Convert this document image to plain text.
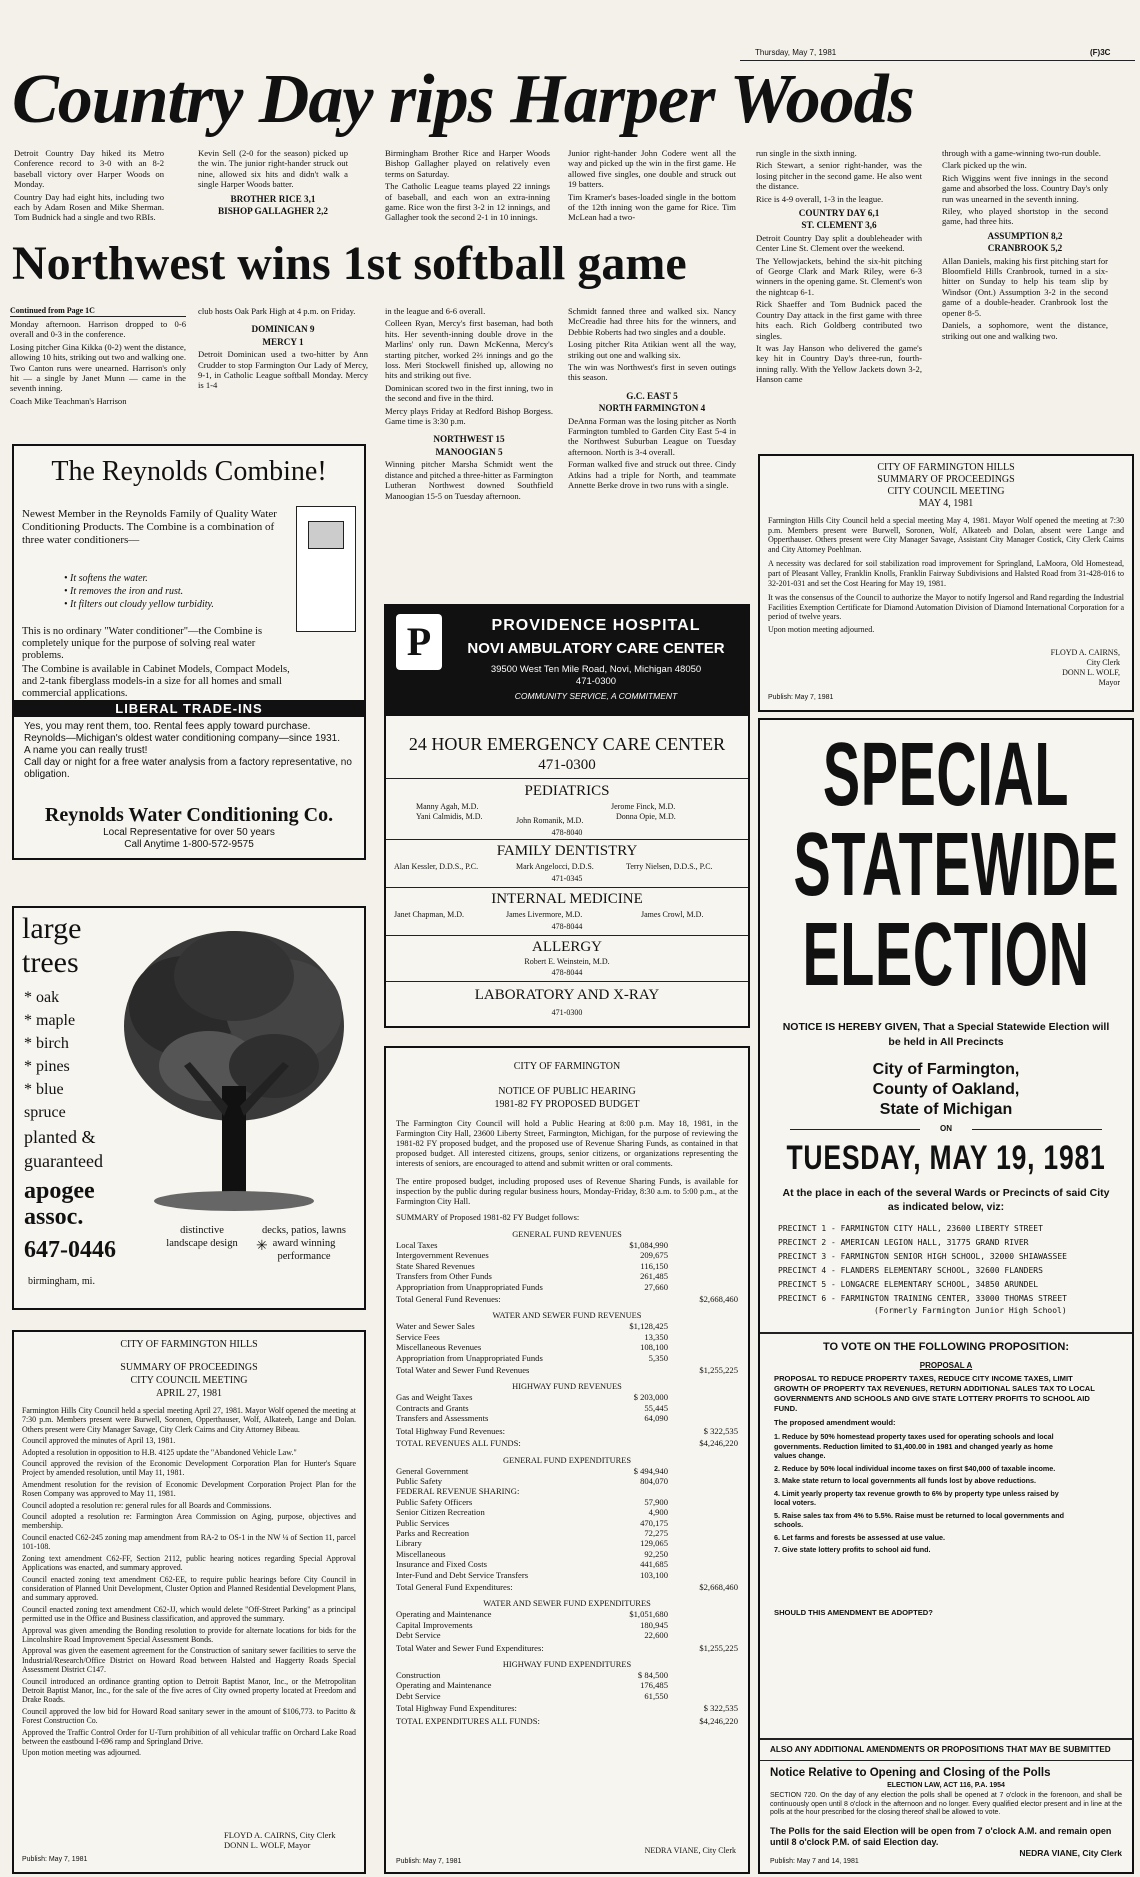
Thursday, May 7, 1981	(F)3C
Country Day rips Harper Woods

Detroit Country Day hiked its Metro Conference record to 3-0 with an 8-2 baseball victory over Harper Woods on Monday.

Country Day had eight hits, including two each by Adam Rosen and Mike Sherman. Tom Budnick had a single and two RBIs.

Kevin Sell (2-0 for the season) picked up the win. The junior right-hander struck out nine, allowed six hits and didn't walk a single Harper Woods batter.

BROTHER RICE 3,1
BISHOP GALLAGHER 2,2

Birmingham Brother Rice and Harper Woods Bishop Gallagher played on relatively even terms on Saturday.

The Catholic League teams played 22 innings of baseball, and each won an extra-inning game. Rice won the first 3-2 in 12 innings, and Gallagher took the second 2-1 in 10 innings.

Junior right-hander John Codere went all the way and picked up the win in the first game. He allowed five singles, one double and struck out 19 batters.

Tim Kramer's bases-loaded single in the bottom of the 12th inning won the game for Rice. Tim McLean had a two-

run single in the sixth inning.

Rich Stewart, a senior right-hander, was the losing pitcher in the second game. He also went the distance.

Rice is 4-9 overall, 1-3 in the league.

COUNTRY DAY 6,1
ST. CLEMENT 3,6

Detroit Country Day split a doubleheader with Center Line St. Clement over the weekend.

The Yellowjackets, behind the six-hit pitching of George Clark and Mark Riley, were 6-3 winners in the opening game. St. Clement's won the nightcap 6-1.

Rick Shaeffer and Tom Budnick paced the Country Day attack in the first game with three hits each. Rich Goldberg contributed two singles.

It was Jay Hanson who delivered the game's key hit in Country Day's three-run, fourth-inning rally. With the Yellow Jackets down 3-2, Hanson came

through with a game-winning two-run double.

Clark picked up the win.

Rich Wiggins went five innings in the second game and absorbed the loss. Country Day's only run was unearned in the seventh inning.

Riley, who played shortstop in the second game, had three hits.

ASSUMPTION 8,2
CRANBROOK 5,2

Allan Daniels, making his first pitching start for Bloomfield Hills Cranbrook, turned in a six-hitter on Sunday to help his team slip by Windsor (Ont.) Assumption 3-2 in the second game of a double-header. Cranbrook lost the opener 8-5.

Daniels, a sophomore, went the distance, striking out one and walking two.

Northwest wins 1st softball game
Continued from Page 1C

Monday afternoon. Harrison dropped to 0-6 overall and 0-3 in the conference.

Losing pitcher Gina Kikka (0-2) went the distance, allowing 10 hits, striking out two and walking one. Two Canton runs were unearned. Harrison's only hit — a single by Janet Munn — came in the seventh inning.

Coach Mike Teachman's Harrison

club hosts Oak Park High at 4 p.m. on Friday.

DOMINICAN 9
MERCY 1

Detroit Dominican used a two-hitter by Ann Crudder to stop Farmington Our Lady of Mercy, 9-1, in Catholic League softball Monday. Mercy is 1-4

in the league and 6-6 overall.

Colleen Ryan, Mercy's first baseman, had both hits. Her seventh-inning double drove in the Marlins' only run. Dawn McKenna, Mercy's starting pitcher, worked 2⅔ innings and go the loss. Meri Stockwell finished up, allowing no hits and striking out five.

Dominican scored two in the first inning, two in the second and five in the third.

Mercy plays Friday at Redford Bishop Borgess. Game time is 3:30 p.m.

NORTHWEST 15
MANOOGIAN 5

Winning pitcher Marsha Schmidt went the distance and pitched a three-hitter as Farmington Lutheran Northwest downed Southfield Manoogian 15-5 on Tuesday afternoon.

Schmidt fanned three and walked six. Nancy McCreadie had three hits for the winners, and Debbie Roberts had two singles and a double.

Losing pitcher Rita Atikian went all the way, striking out one and walking six.

The win was Northwest's first in seven outings this season.

G.C. EAST 5
NORTH FARMINGTON 4

DeAnna Forman was the losing pitcher as North Farmington tumbled to Garden City East 5-4 in the Northwest Suburban League on Tuesday afternoon. North is 3-4 overall.

Forman walked five and struck out three. Cindy Atkins had a triple for North, and teammate Annette Berke drove in two runs with a single.

The Reynolds Combine!
Newest Member in the Reynolds Family of Quality Water Conditioning Products. The Combine is a combination of three water conditioners—
• It softens the water.
• It removes the iron and rust.
• It filters out cloudy yellow turbidity.
This is no ordinary "Water conditioner"—the Combine is completely unique for the purpose of solving real water problems.
The Combine is available in Cabinet Models, Compact Models, and 2-tank fiberglass models-in a size for all homes and small commercial applications.
LIBERAL TRADE-INS
Yes, you may rent them, too. Rental fees apply toward purchase.
Reynolds—Michigan's oldest water conditioning company—since 1931.
A name you can really trust!
Call day or night for a free water analysis from a factory representative, no obligation.
Reynolds Water Conditioning Co.
Local Representative for over 50 years
Call Anytime 1-800-572-9575
large
trees
* oak
* maple
* birch
* pines
* blue spruce
planted &
guaranteed
apogee
assoc.
647-0446
birmingham, mi.
distinctive landscape design
decks, patios, lawns award winning performance
✳
CITY OF FARMINGTON HILLS
SUMMARY OF PROCEEDINGS
CITY COUNCIL MEETING
APRIL 27, 1981

Farmington Hills City Council held a special meeting April 27, 1981. Mayor Wolf opened the meeting at 7:30 p.m. Members present were Burwell, Soronen, Opperthauser, Wolf, Alkateeb, Lange and Dolan. Others present were City Manager Savage, City Clerk Cairns and City Attorney Bibeau.

Council approved the minutes of April 13, 1981.

Adopted a resolution in opposition to H.B. 4125 update the "Abandoned Vehicle Law."

Council approved the revision of the Economic Development Corporation Plan for Hunter's Square Project by amended resolution, until May 11, 1981.

Amendment resolution for the revision of Economic Development Corporation Project Plan for the Rosen Company was approved to May 11, 1981.

Council adopted a resolution re: general rules for all Boards and Commissions.

Council adopted a resolution re: Farmington Area Commission on Aging, purpose, objectives and membership.

Council enacted C62-245 zoning map amendment from RA-2 to OS-1 in the NW ¼ of Section 11, parcel 101-108.

Zoning text amendment C62-FF, Section 2112, public hearing notices regarding Special Approval Applications was enacted, and summary approved.

Council enacted zoning text amendment C62-EE, to require public hearings before City Council in consideration of Planned Unit Development, Cluster Option and Planned Residential Development Plans, and summary approved.

Council enacted zoning text amendment C62-JJ, which would delete "Off-Street Parking" as a principal permitted use in the Office and Business classification, and approved the summary.

Approval was given amending the Bonding resolution to provide for alternate locations for bids for the Lincolnshire Road Improvement Special Assessment Bonds.

Approval was given the easement agreement for the Construction of sanitary sewer facilities to serve the Industrial/Research/Office District on Howard Road between Halsted and Haggerty Roads Special Assessment District C147.

Council introduced an ordinance granting option to Detroit Baptist Manor, Inc., or the Metropolitan Detroit Baptist Manor, Inc., for the sale of the five acres of City owned property located at Freedom and Drake Roads.

Council approved the low bid for Howard Road sanitary sewer in the amount of $106,773. to Pacitto & Forest Construction Co.

Approved the Traffic Control Order for U-Turn prohibition of all vehicular traffic on Orchard Lake Road between the eastbound I-696 ramp and Springland Drive.

Upon motion meeting was adjourned.

FLOYD A. CAIRNS, City Clerk
DONN L. WOLF, Mayor
Publish: May 7, 1981
P	PROVIDENCE HOSPITAL
NOVI AMBULATORY CARE CENTER
39500 West Ten Mile Road, Novi, Michigan 48050
471-0300
COMMUNITY SERVICE, A COMMITMENT
24 HOUR EMERGENCY CARE CENTER
471-0300
PEDIATRICS
Manny Agah, M.D.	Jerome Finck, M.D.
Yani Calmidis, M.D.	John Romanik, M.D.	Donna Opie, M.D.
478-8040
FAMILY DENTISTRY
Alan Kessler, D.D.S., P.C.	Mark Angelocci, D.D.S.	Terry Nielsen, D.D.S., P.C.
471-0345
INTERNAL MEDICINE
Janet Chapman, M.D.	James Livermore, M.D.	James Crowl, M.D.
478-8044
ALLERGY
Robert E. Weinstein, M.D.
478-8044
LABORATORY AND X-RAY
471-0300
CITY OF FARMINGTON
NOTICE OF PUBLIC HEARING
1981-82 FY PROPOSED BUDGET

The Farmington City Council will hold a Public Hearing at 8:00 p.m. May 18, 1981, in the Farmington City Hall, 23600 Liberty Street, Farmington, Michigan, for the purpose of reviewing the 1981-82 FY proposed budget, and the proposed use of Revenue Sharing Funds, as contained in that proposed budget. All interested citizens, groups, senior citizens, or organizations representing the interests of seniors, are encouraged to attend and submit written or oral comments.

The entire proposed budget, including proposed uses of Revenue Sharing Funds, is available for inspection by the public during regular business hours, Monday-Friday, 8:30 a.m. to 5:00 p.m., at the Farmington City Hall.

SUMMARY of Proposed 1981-82 FY Budget follows:

GENERAL FUND REVENUES
Local Taxes	$1,084,990	
Intergovernment Revenues	209,675	
State Shared Revenues	116,150	
Transfers from Other Funds	261,485	
Appropriation from Unappropriated Funds	27,660	
Total General Fund Revenues:		$2,668,460
WATER AND SEWER FUND REVENUES
Water and Sewer Sales	$1,128,425	
Service Fees	13,350	
Miscellaneous Revenues	108,100	
Appropriation from Unappropriated Funds	5,350	
Total Water and Sewer Fund Revenues		$1,255,225
HIGHWAY FUND REVENUES
Gas and Weight Taxes	$ 203,000	
Contracts and Grants	55,445	
Transfers and Assessments	64,090	
Total Highway Fund Revenues:		$ 322,535
TOTAL REVENUES ALL FUNDS:		$4,246,220
GENERAL FUND EXPENDITURES
General Government	$ 494,940	
Public Safety	804,070	
FEDERAL REVENUE SHARING:		
Public Safety Officers	57,900	
Senior Citizen Recreation	4,900	
Public Services	470,175	
Parks and Recreation	72,275	
Library	129,065	
Miscellaneous	92,250	
Insurance and Fixed Costs	441,685	
Inter-Fund and Debt Service Transfers	103,100	
Total General Fund Expenditures:		$2,668,460
WATER AND SEWER FUND EXPENDITURES
Operating and Maintenance	$1,051,680	
Capital Improvements	180,945	
Debt Service	22,600	
Total Water and Sewer Fund Expenditures:		$1,255,225
HIGHWAY FUND EXPENDITURES
Construction	$ 84,500	
Operating and Maintenance	176,485	
Debt Service	61,550	
Total Highway Fund Expenditures:		$ 322,535
TOTAL EXPENDITURES ALL FUNDS:		$4,246,220
NEDRA VIANE, City Clerk
Publish: May 7, 1981
CITY OF FARMINGTON HILLS
SUMMARY OF PROCEEDINGS
CITY COUNCIL MEETING
MAY 4, 1981

Farmington Hills City Council held a special meeting May 4, 1981. Mayor Wolf opened the meeting at 7:30 p.m. Members present were Burwell, Soronen, Wolf, Alkateeb and Dolan, absent were Lange and Opperthauser. Others present were City Manager Savage, Assistant City Manager Costick, City Clerk Cairns and City Attorney Poehlman.

A necessity was declared for soil stabilization road improvement for Springland, LaMoora, Old Homestead, part of Pleasant Valley, Franklin Knolls, Franklin Fairway Subdivisions and Halsted Road from 31-428-016 to 32-201-031 and set the Cost Hearing for May 19, 1981.

It was the consensus of the Council to authorize the Mayor to notify Ingersol and Rand regarding the Industrial Facilities Exemption Certificate for Diamond Automation Division of Diamond International Corporation for a period of twelve years.

Upon motion meeting adjourned.

FLOYD A. CAIRNS,
City Clerk
DONN L. WOLF,
Mayor
Publish: May 7, 1981
SPECIAL
STATEWIDE
ELECTION
NOTICE IS HEREBY GIVEN, That a Special Statewide Election will be held in All Precincts
City of Farmington,
County of Oakland,
State of Michigan
ON
TUESDAY, MAY 19, 1981
At the place in each of the several Wards or Precincts of said City as indicated below, viz:
PRECINCT 1 - FARMINGTON CITY HALL, 23600 LIBERTY STREET
PRECINCT 2 - AMERICAN LEGION HALL, 31775 GRAND RIVER
PRECINCT 3 - FARMINGTON SENIOR HIGH SCHOOL, 32000 SHIAWASSEE
PRECINCT 4 - FLANDERS ELEMENTARY SCHOOL, 32600 FLANDERS
PRECINCT 5 - LONGACRE ELEMENTARY SCHOOL, 34850 ARUNDEL
PRECINCT 6 - FARMINGTON TRAINING CENTER, 33000 THOMAS STREET
(Formerly Farmington Junior High School)
TO VOTE ON THE FOLLOWING PROPOSITION:
PROPOSAL A
PROPOSAL TO REDUCE PROPERTY TAXES, REDUCE CITY INCOME TAXES, LIMIT GROWTH OF PROPERTY TAX REVENUES, RETURN ADDITIONAL SALES TAX TO LOCAL GOVERNMENTS AND SCHOOLS AND GIVE STATE LOTTERY PROFITS TO SCHOOL AID FUND.
The proposed amendment would:
1. Reduce by 50% homestead property taxes used for operating schools and local governments. Reduction limited to $1,400.00 in 1981 and changed yearly as home values change.
2. Reduce by 50% local individual income taxes on first $40,000 of taxable income.
3. Make state return to local governments all funds lost by above reductions.
4. Limit yearly property tax revenue growth to 6% by property type unless raised by local voters.
5. Raise sales tax from 4% to 5.5%. Raise must be returned to local governments and schools.
6. Let farms and forests be assessed at use value.
7. Give state lottery profits to school aid fund.
SHOULD THIS AMENDMENT BE ADOPTED?
ALSO ANY ADDITIONAL AMENDMENTS OR PROPOSITIONS THAT MAY BE SUBMITTED
Notice Relative to Opening and Closing of the Polls
ELECTION LAW, ACT 116, P.A. 1954
SECTION 720. On the day of any election the polls shall be opened at 7 o'clock in the forenoon, and shall be continuously open until 8 o'clock in the afternoon and no longer. Every qualified elector present and in line at the polls at the hour prescribed for the closing thereof shall be allowed to vote.
The Polls for the said Election will be open from 7 o'clock A.M. and remain open until 8 o'clock P.M. of said Election day.
NEDRA VIANE, City Clerk
Publish: May 7 and 14, 1981
